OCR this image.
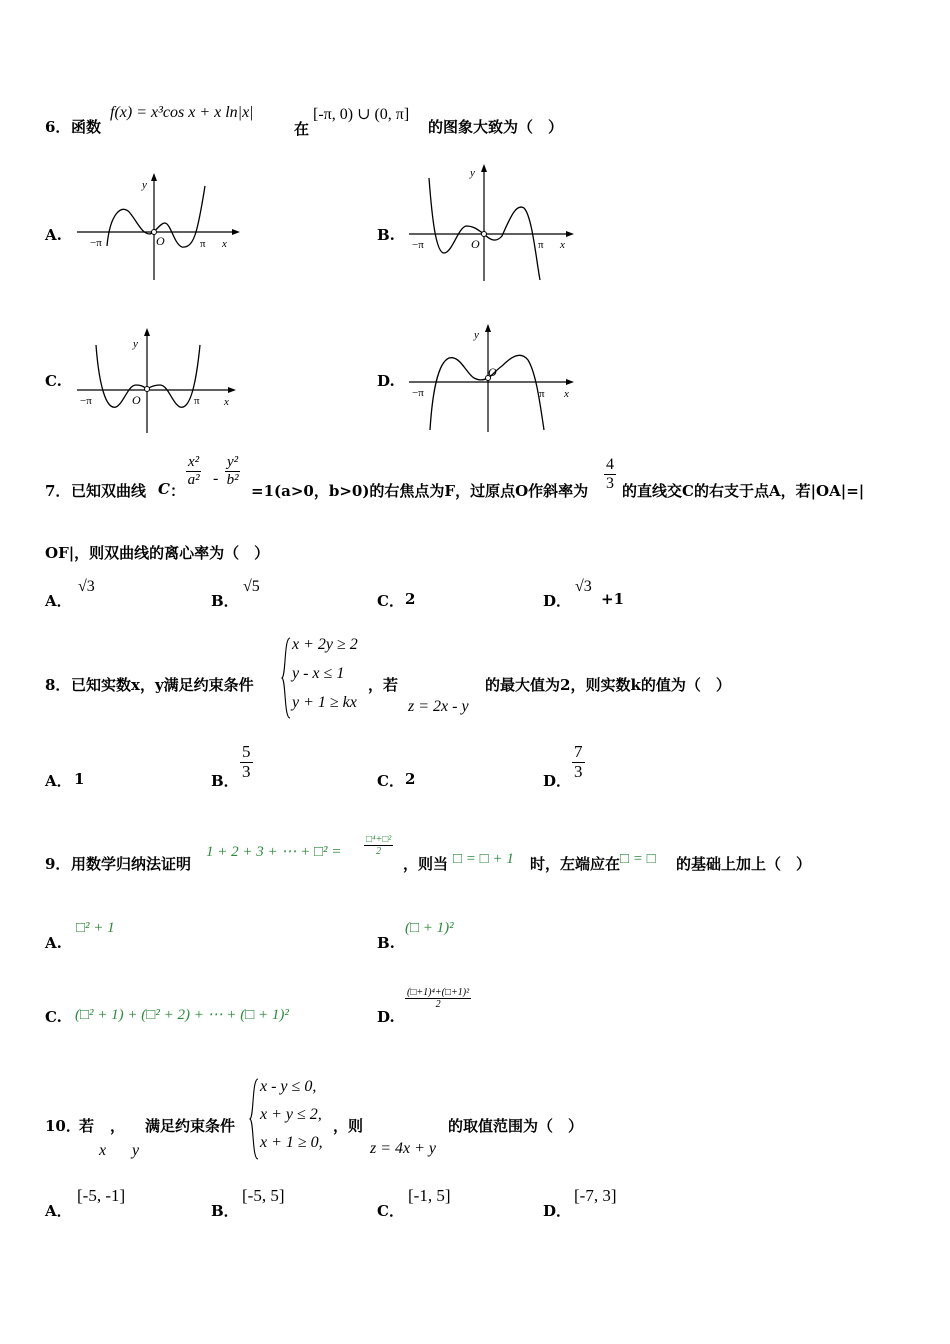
6． 函数
f(x) = x³cos x + x ln|x|
在
[-π, 0) ∪ (0, π]
的图象大致为（　）
A.	−π	O	π x
y
B.
−π	O	π x
y
C.
−π	O	π x
y
D.
−π
O
π x
y
7． 已知双曲线 C ：
$\frac{\text{x²}}{\text{a²}} - \frac{\text{y²}}{\text{b²}}$
=1(a>0，b>0)的右焦点为F，过原点O作斜率为 $\frac{4}{3}$ 的直线交C的右支于点A，若|OA|=|
OF|，则双曲线的离心率为（　）
A．
√3
B．
√5
C． 2	D．
√3
+1
8． 已知实数x，y满足约束条件
x + 2y ≥ 2
y - x ≤ 1
y + 1 ≥ kx
，若
z = 2x - y
的最大值为2，则实数k的值为（　）
A． 1	B． $\frac{5}{3}$	C． 2	D． $\frac{7}{3}$
9． 用数学归纳法证明
1 + 2 + 3 + ⋯ + □² = $\frac{\text{□⁴+□²}}{2}$
，则当 □ = □ + 1 时，左端应在 □ = □ 的基础上加上（　）
A.
□² + 1
B.
(□ + 1)²
C. (□² + 1) + (□² + 2) + ⋯ + (□ + 1)²	D.
$\frac{\text{(□+1)⁴+(□+1)²}}{2}$
10．
若 ，
x y
满足约束条件
x - y ≤ 0,
x + y ≤ 2,
x + 1 ≥ 0,
，则
z = 4x + y
的取值范围为（　）
A．
[-5, -1]
B．
[-5, 5]
C．
[-1, 5]
D．
[-7, 3]
